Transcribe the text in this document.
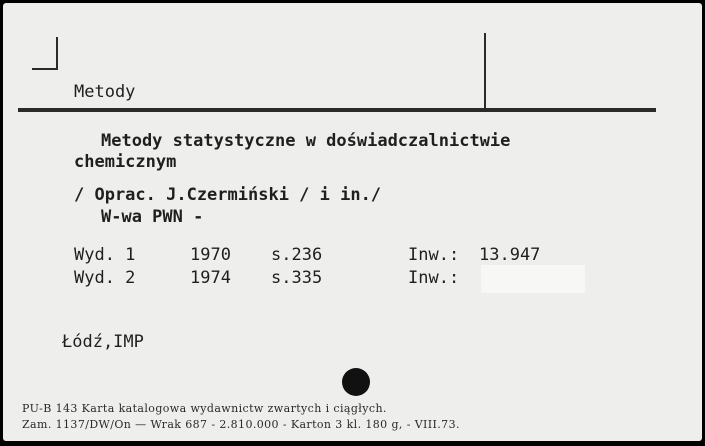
Metody
Metody statystyczne w doświadczalnictwie
chemicznym
/ Oprac. J.Czermiński / i in./
W-wa PWN -
Wyd. 1	1970 s.236	Inw.: 13.947
Wyd. 2	1974 s.335	Inw.:
Łódź,IMP
PU-B 143 Karta katalogowa wydawnictw zwartych i ciągłych.
Zam. 1137/DW/On — Wrak 687 - 2.810.000 - Karton 3 kl. 180 g, - VIII.73.
